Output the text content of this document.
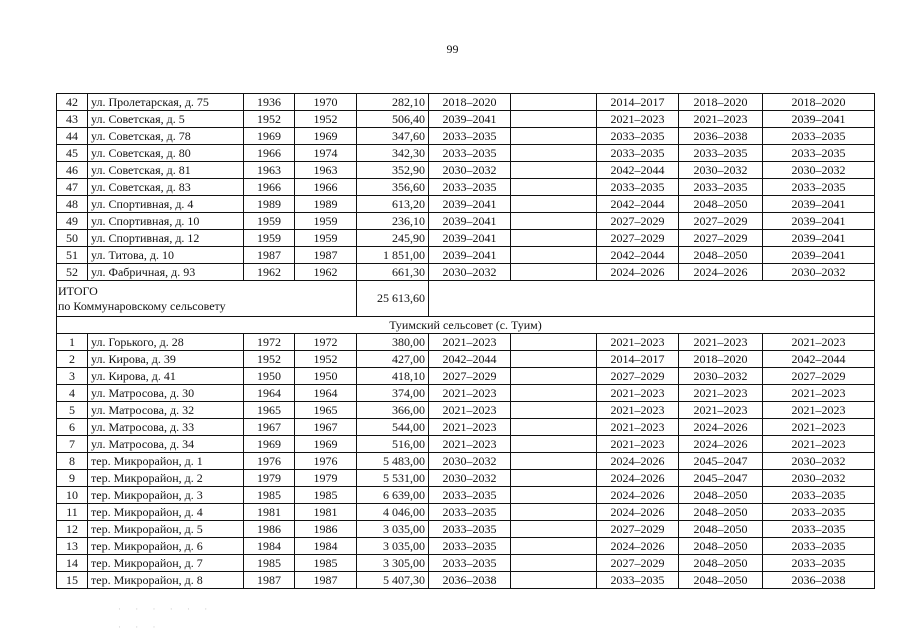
99
42	ул. Пролетарская, д. 75	1936	1970	282,10	2018–2020		2014–2017	2018–2020	2018–2020
43	ул. Советская, д. 5	1952	1952	506,40	2039–2041		2021–2023	2021–2023	2039–2041
44	ул. Советская, д. 78	1969	1969	347,60	2033–2035		2033–2035	2036–2038	2033–2035
45	ул. Советская, д. 80	1966	1974	342,30	2033–2035		2033–2035	2033–2035	2033–2035
46	ул. Советская, д. 81	1963	1963	352,90	2030–2032		2042–2044	2030–2032	2030–2032
47	ул. Советская, д. 83	1966	1966	356,60	2033–2035		2033–2035	2033–2035	2033–2035
48	ул. Спортивная, д. 4	1989	1989	613,20	2039–2041		2042–2044	2048–2050	2039–2041
49	ул. Спортивная, д. 10	1959	1959	236,10	2039–2041		2027–2029	2027–2029	2039–2041
50	ул. Спортивная, д. 12	1959	1959	245,90	2039–2041		2027–2029	2027–2029	2039–2041
51	ул. Титова, д. 10	1987	1987	1 851,00	2039–2041		2042–2044	2048–2050	2039–2041
52	ул. Фабричная, д. 93	1962	1962	661,30	2030–2032		2024–2026	2024–2026	2030–2032
ИТОГО
по Коммунаровскому сельсовету				25 613,60					
Туимский сельсовет (с. Туим)									
1	ул. Горького, д. 28	1972	1972	380,00	2021–2023		2021–2023	2021–2023	2021–2023
2	ул. Кирова, д. 39	1952	1952	427,00	2042–2044		2014–2017	2018–2020	2042–2044
3	ул. Кирова, д. 41	1950	1950	418,10	2027–2029		2027–2029	2030–2032	2027–2029
4	ул. Матросова, д. 30	1964	1964	374,00	2021–2023		2021–2023	2021–2023	2021–2023
5	ул. Матросова, д. 32	1965	1965	366,00	2021–2023		2021–2023	2021–2023	2021–2023
6	ул. Матросова, д. 33	1967	1967	544,00	2021–2023		2021–2023	2024–2026	2021–2023
7	ул. Матросова, д. 34	1969	1969	516,00	2021–2023		2021–2023	2024–2026	2021–2023
8	тер. Микрорайон, д. 1	1976	1976	5 483,00	2030–2032		2024–2026	2045–2047	2030–2032
9	тер. Микрорайон, д. 2	1979	1979	5 531,00	2030–2032		2024–2026	2045–2047	2030–2032
10	тер. Микрорайон, д. 3	1985	1985	6 639,00	2033–2035		2024–2026	2048–2050	2033–2035
11	тер. Микрорайон, д. 4	1981	1981	4 046,00	2033–2035		2024–2026	2048–2050	2033–2035
12	тер. Микрорайон, д. 5	1986	1986	3 035,00	2033–2035		2027–2029	2048–2050	2033–2035
13	тер. Микрорайон, д. 6	1984	1984	3 035,00	2033–2035		2024–2026	2048–2050	2033–2035
14	тер. Микрорайон, д. 7	1985	1985	3 305,00	2033–2035		2027–2029	2048–2050	2033–2035
15	тер. Микрорайон, д. 8	1987	1987	5 407,30	2036–2038		2033–2035	2048–2050	2036–2038
· · · · · ·
· · ·
